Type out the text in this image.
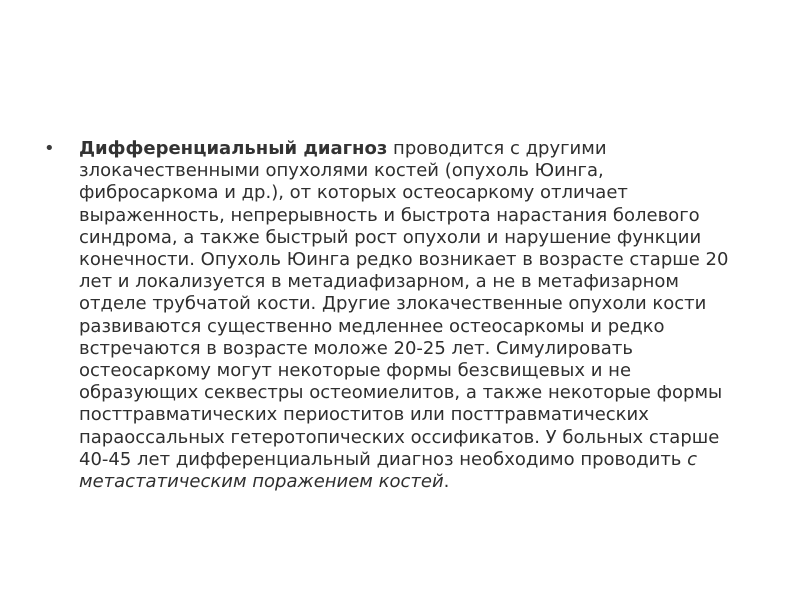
• Дифференциальный диагноз проводится с другими злокачественными опухолями костей (опухоль Юинга, фибросаркома и др.), от которых остеосаркому отличает выраженность, непрерывность и быстрота нарастания болевого синдрома, а также быстрый рост опухоли и нарушение функции конечности. Опухоль Юинга редко возникает в возрасте старше 20 лет и локализуется в метадиафизарном, а не в метафизарном отделе трубчатой кости. Другие злокачественные опухоли кости развиваются существенно медленнее остеосаркомы и редко встречаются в возрасте моложе 20-25 лет. Симулировать остеосаркому могут некоторые формы безсвищевых и не образующих секвестры остеомиелитов, а также некоторые формы посттравматических периоститов или посттравматических параоссальных гетеротопических оссификатов. У больных старше 40-45 лет дифференциальный диагноз необходимо проводить с метастатическим поражением костей.
